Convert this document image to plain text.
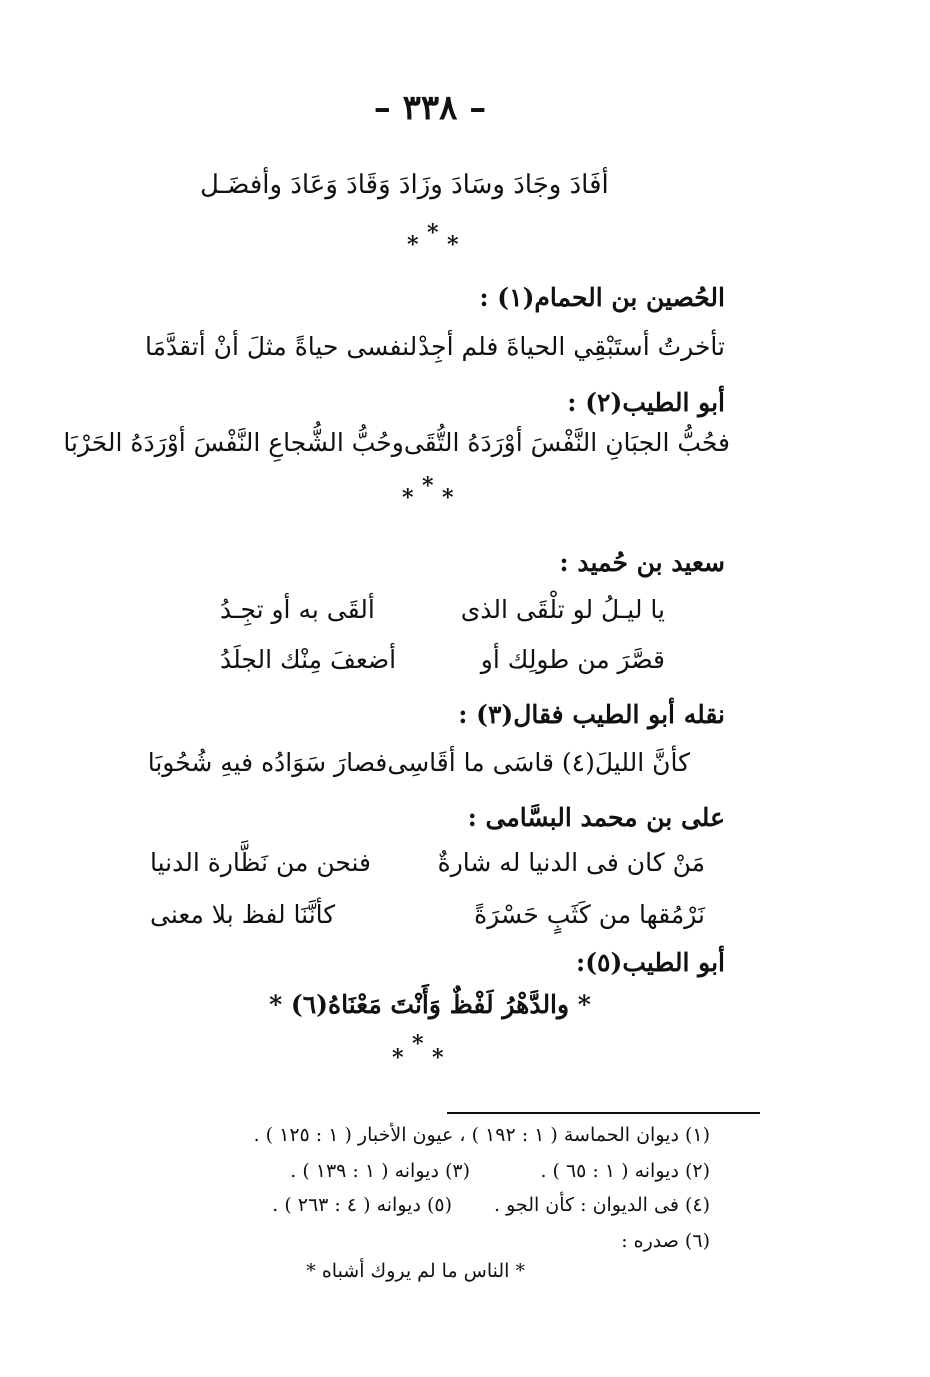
– ٣٣٨ –
أفَادَ وجَادَ وسَادَ وزَادَ وَقَادَ وَعَادَ وأفضَـل
*
* *
الحُصين بن الحمام(١) :
تأخرتُ أستَبْقِي الحياةَ فلم أجِدْ
لنفسى حياةً مثلَ أنْ أتقدَّمَا
أبو الطيب(٢) :
فحُبُّ الجبَانِ النَّفْسَ أوْرَدَهُ التُّقَى
وحُبُّ الشُّجاعِ النَّفْسَ أوْرَدَهُ الحَرْبَا
*
* *
سعيد بن حُميد :
يا ليـلُ لو تلْقَى الذى
ألقَى به أو تجِـدُ
قصَّرَ من طولِك أو
أضعفَ مِنْك الجلَدُ
نقله أبو الطيب فقال(٣) :
كأنَّ الليلَ(٤) قاسَى ما أقَاسِى
فصارَ سَوَادُه فيهِ شُحُوبَا
على بن محمد البسَّامى :
مَنْ كان فى الدنيا له شارةٌ
فنحن من نَظَّارة الدنيا
نَرْمُقها من كَثَبٍ حَسْرَةً
كأنَّنَا لفظ بلا معنى
أبو الطيب(٥):
* والدَّهْرُ لَفْظٌ وَأَنْتَ مَعْنَاهُ(٦) *
*
* *
(١) ديوان الحماسة ( ١ : ١٩٢ ) ، عيون الأخبار ( ١ : ١٢٥ ) .
(٢) ديوانه ( ١ : ٦٥ ) .
(٣) ديوانه ( ١ : ١٣٩ ) .
(٤) فى الديوان : كأن الجو .
(٥) ديوانه ( ٤ : ٢٦٣ ) .
(٦) صدره :
* الناس ما لم يروك أشباه *
